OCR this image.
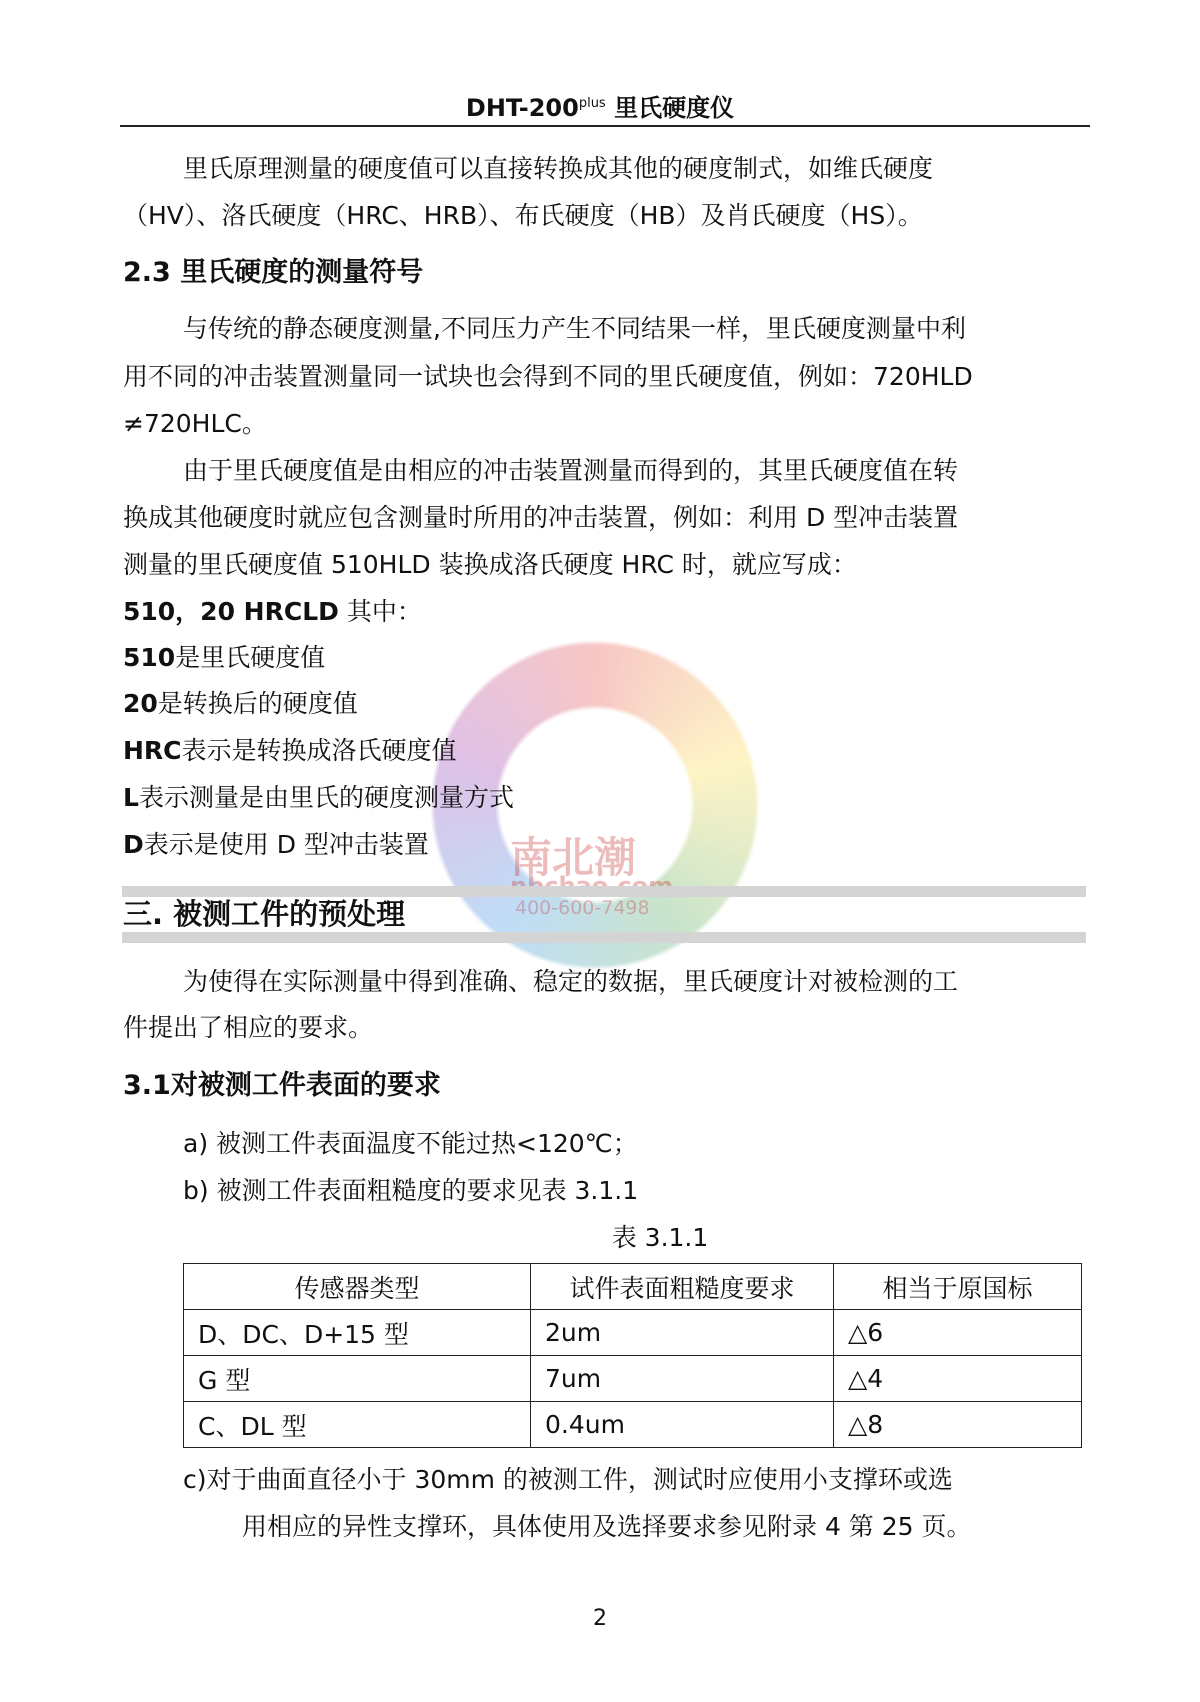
南北潮
400-600-7498
DHT-$200^{plus}$ 里氏硬度仪
里氏原理测量的硬度值可以直接转换成其他的硬度制式，如维氏硬度
（HV）、洛氏硬度（HRC、HRB）、布氏硬度（HB）及肖氏硬度（HS）。
2.3 里氏硬度的测量符号
与传统的静态硬度测量,不同压力产生不同结果一样，里氏硬度测量中利
用不同的冲击装置测量同一试块也会得到不同的里氏硬度值，例如：720HLD
≠720HLC。
由于里氏硬度值是由相应的冲击装置测量而得到的，其里氏硬度值在转
换成其他硬度时就应包含测量时所用的冲击装置，例如：利用 D 型冲击装置
测量的里氏硬度值 510HLD 装换成洛氏硬度 HRC 时，就应写成：
510，20 HRCLD 其中：
510是里氏硬度值
20是转换后的硬度值
HRC表示是转换成洛氏硬度值
L表示测量是由里氏的硬度测量方式
D表示是使用 D 型冲击装置
三. 被测工件的预处理
为使得在实际测量中得到准确、稳定的数据，里氏硬度计对被检测的工
件提出了相应的要求。
3.1对被测工件表面的要求
a) 被测工件表面温度不能过热<120℃；
b) 被测工件表面粗糙度的要求见表 3.1.1
表 3.1.1
传感器类型	试件表面粗糙度要求	相当于原国标
D、DC、D+15 型	2um	△6
G 型	7um	△4
C、DL 型	0.4um	△8
c)对于曲面直径小于 30mm 的被测工件，测试时应使用小支撑环或选
用相应的异性支撑环，具体使用及选择要求参见附录 4 第 25 页。
2
